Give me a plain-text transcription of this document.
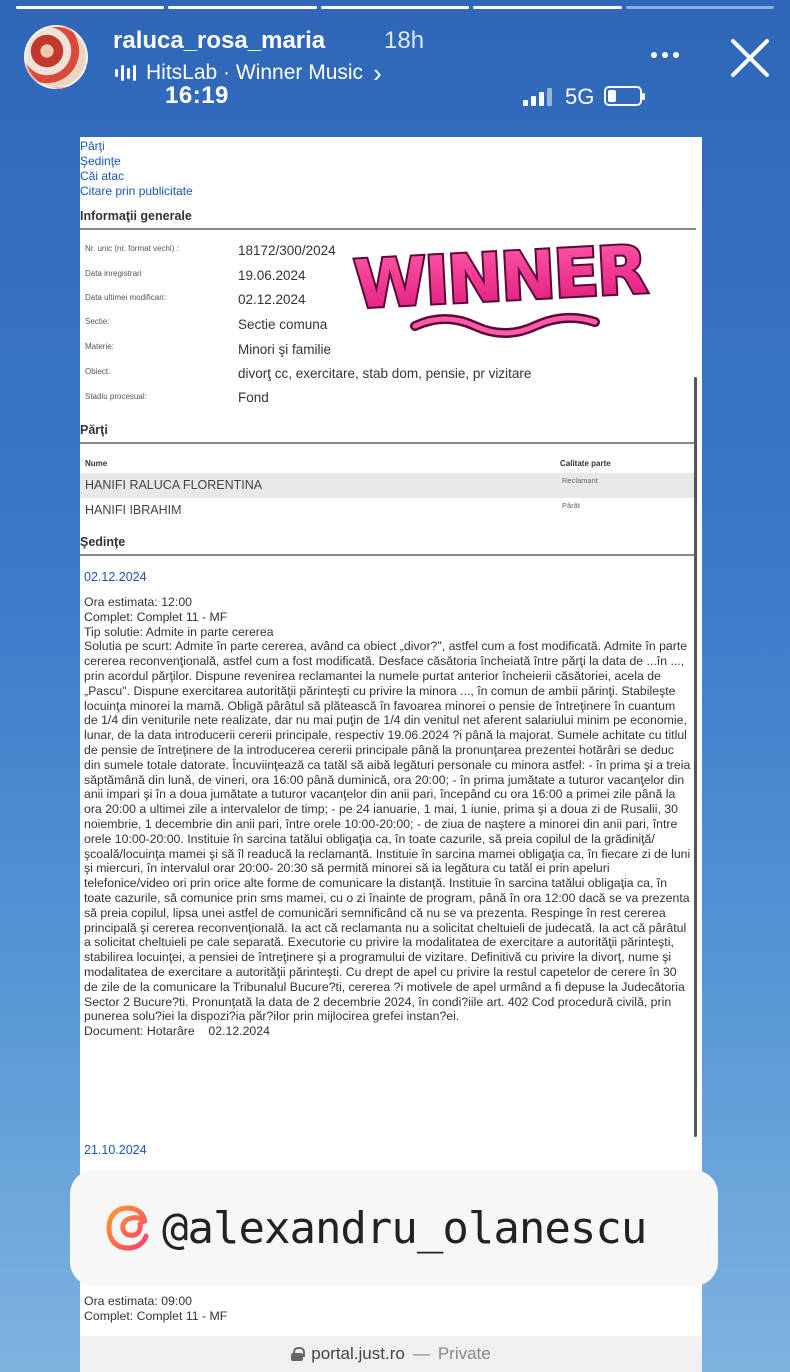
raluca_rosa_maria 18h
HitsLab · Winner Music ›
16:19	5G
Părţi
Şedinţe
Căi atac
Citare prin publicitate
Informaţii generale
Nr. unic (nr. format vechi) :	18172/300/2024
Data inregistrari	19.06.2024
Data ultimei modificari:	02.12.2024
Sectie:	Sectie comuna
Materie:	Minori şi familie
Obiect:	divorţ cc, exercitare, stab dom, pensie, pr vizitare
Stadiu procesual:	Fond
Părţi
Nume	Calitate parte
HANIFI RALUCA FLORENTINA	Reclamant
HANIFI IBRAHIM	Pârât
Şedinţe
02.12.2024
Ora estimata: 12:00
Complet: Complet 11 - MF
Tip solutie: Admite in parte cererea
Solutia pe scurt: Admite în parte cererea, având ca obiect „divor?", astfel cum a fost modificată. Admite în parte cererea reconvenţională, astfel cum a fost modificată. Desface căsătoria încheiată între părţi la data de ...în ..., prin acordul părţilor. Dispune revenirea reclamantei la numele purtat anterior încheierii căsătoriei, acela de „Pascu". Dispune exercitarea autorităţii părinteşti cu privire la minora ..., în comun de ambii părinţi. Stabileşte locuinţa minorei la mamă. Obligă pârâtul să plătească în favoarea minorei o pensie de întreţinere în cuantum de 1/4 din veniturile nete realizate, dar nu mai puţin de 1/4 din venitul net aferent salariului minim pe economie, lunar, de la data introducerii cererii principale, respectiv 19.06.2024 ?i până la majorat. Sumele achitate cu titlul de pensie de întreţinere de la introducerea cererii principale până la pronunţarea prezentei hotărâri se deduc din sumele totale datorate. Încuviinţează ca tatăl să aibă legături personale cu minora astfel: - în prima şi a treia săptămână din lună, de vineri, ora 16:00 până duminică, ora 20:00; - în prima jumătate a tuturor vacanţelor din anii impari şi în a doua jumătate a tuturor vacanţelor din anii pari, începând cu ora 16:00 a primei zile până la ora 20:00 a ultimei zile a intervalelor de timp; - pe 24 ianuarie, 1 mai, 1 iunie, prima şi a doua zi de Rusalii, 30 noiembrie, 1 decembrie din anii pari, între orele 10:00-20:00; - de ziua de naştere a minorei din anii pari, între orele 10:00-20:00. Instituie în sarcina tatălui obligaţia ca, în toate cazurile, să preia copilul de la grădiniţă/şcoală/locuinţa mamei şi să îl readucă la reclamantă. Instituie în sarcina mamei obligaţia ca, în fiecare zi de luni şi miercuri, în intervalul orar 20:00- 20:30 să permită minorei să ia legătura cu tatăl ei prin apeluri telefonice/video ori prin orice alte forme de comunicare la distanţă. Instituie în sarcina tatălui obligaţia ca, în toate cazurile, să comunice prin sms mamei, cu o zi înainte de program, până în ora 12:00 dacă se va prezenta să preia copilul, lipsa unei astfel de comunicări semnificând că nu se va prezenta. Respinge în rest cererea principală şi cererea reconvenţională. Ia act că reclamanta nu a solicitat cheltuieli de judecată. Ia act că pârâtul a solicitat cheltuieli pe cale separată. Executorie cu privire la modalitatea de exercitare a autorităţii părinteşti, stabilirea locuinţei, a pensiei de întreţinere şi a programului de vizitare. Definitivă cu privire la divorţ, nume şi modalitatea de exercitare a autorităţii părinteşti. Cu drept de apel cu privire la restul capetelor de cerere în 30 de zile de la comunicare la Tribunalul Bucure?ti, cererea ?i motivele de apel urmând a fi depuse la Judecătoria Sector 2 Bucure?ti. Pronunţată la data de 2 decembrie 2024, în condi?iile art. 402 Cod procedură civilă, prin punerea solu?iei la dispozi?ia păr?ilor prin mijlocirea grefei instan?ei.
Document: Hotarâre    02.12.2024
21.10.2024
Ora estimata: 09:00
Complet: Complet 11 - MF
WINNER
@alexandru_olanescu
portal.just.ro — Private
